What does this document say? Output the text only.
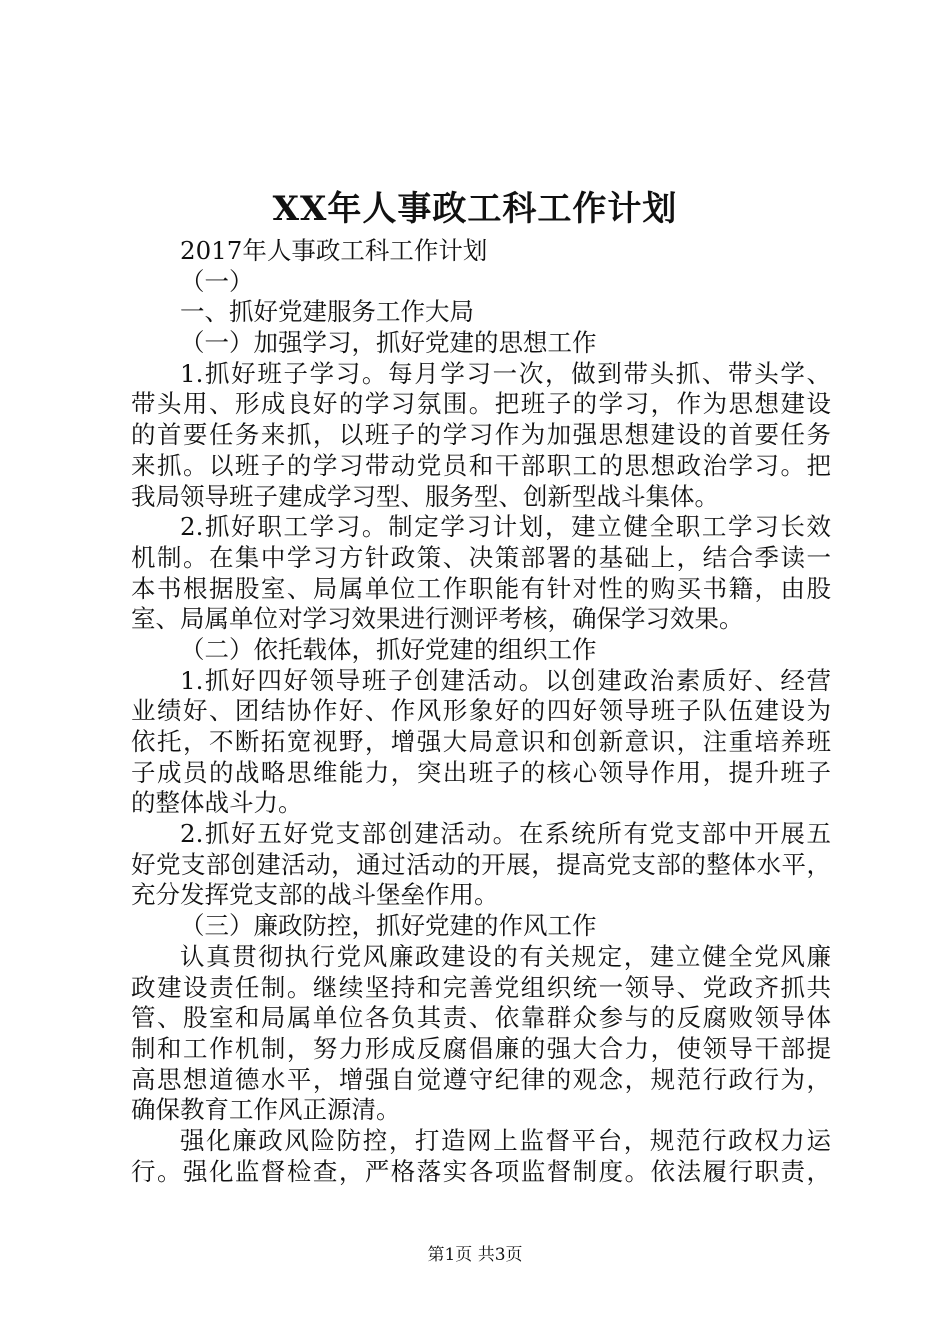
XX年人事政工科工作计划

2017年人事政工科工作计划

（一）

一、抓好党建服务工作大局

（一）加强学习，抓好党建的思想工作

1.抓好班子学习。每月学习一次，做到带头抓、带头学、

带头用、形成良好的学习氛围。把班子的学习，作为思想建设

的首要任务来抓，以班子的学习作为加强思想建设的首要任务

来抓。以班子的学习带动党员和干部职工的思想政治学习。把

我局领导班子建成学习型、服务型、创新型战斗集体。

2.抓好职工学习。制定学习计划，建立健全职工学习长效

机制。在集中学习方针政策、决策部署的基础上，结合季读一

本书根据股室、局属单位工作职能有针对性的购买书籍，由股

室、局属单位对学习效果进行测评考核，确保学习效果。

（二）依托载体，抓好党建的组织工作

1.抓好四好领导班子创建活动。以创建政治素质好、经营

业绩好、团结协作好、作风形象好的四好领导班子队伍建设为

依托，不断拓宽视野，增强大局意识和创新意识，注重培养班

子成员的战略思维能力，突出班子的核心领导作用，提升班子

的整体战斗力。

2.抓好五好党支部创建活动。在系统所有党支部中开展五

好党支部创建活动，通过活动的开展，提高党支部的整体水平，

充分发挥党支部的战斗堡垒作用。

（三）廉政防控，抓好党建的作风工作

认真贯彻执行党风廉政建设的有关规定，建立健全党风廉

政建设责任制。继续坚持和完善党组织统一领导、党政齐抓共

管、股室和局属单位各负其责、依靠群众参与的反腐败领导体

制和工作机制，努力形成反腐倡廉的强大合力，使领导干部提

高思想道德水平，增强自觉遵守纪律的观念，规范行政行为，

确保教育工作风正源清。

强化廉政风险防控，打造网上监督平台，规范行政权力运

行。强化监督检查，严格落实各项监督制度。依法履行职责，

第1页 共3页
